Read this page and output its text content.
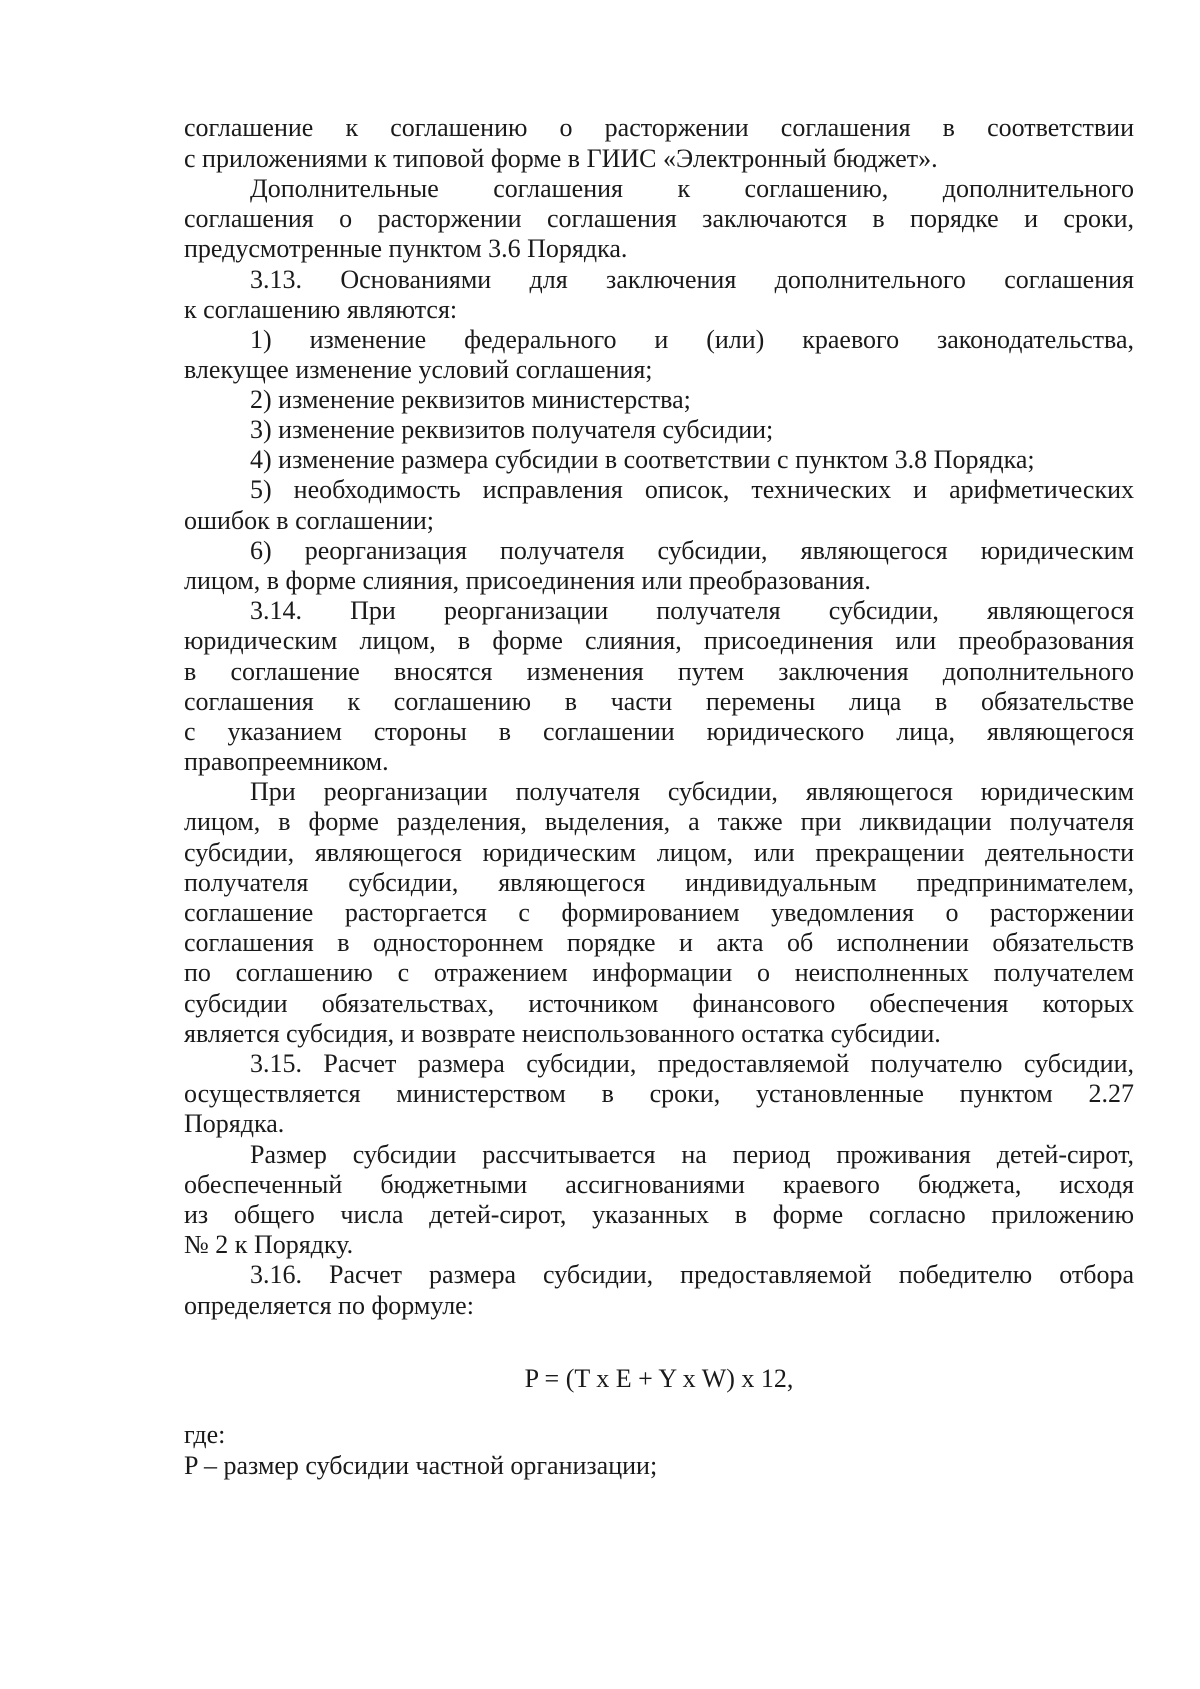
соглашение к соглашению о расторжении соглашения в соответствии
с приложениями к типовой форме в ГИИС «Электронный бюджет».
Дополнительные соглашения к соглашению, дополнительного
соглашения о расторжении соглашения заключаются в порядке и сроки,
предусмотренные пунктом 3.6 Порядка.
3.13. Основаниями для заключения дополнительного соглашения
к соглашению являются:
1) изменение федерального и (или) краевого законодательства,
влекущее изменение условий соглашения;
2) изменение реквизитов министерства;
3) изменение реквизитов получателя субсидии;
4) изменение размера субсидии в соответствии с пунктом 3.8 Порядка;
5) необходимость исправления описок, технических и арифметических
ошибок в соглашении;
6) реорганизация получателя субсидии, являющегося юридическим
лицом, в форме слияния, присоединения или преобразования.
3.14. При реорганизации получателя субсидии, являющегося
юридическим лицом, в форме слияния, присоединения или преобразования
в соглашение вносятся изменения путем заключения дополнительного
соглашения к соглашению в части перемены лица в обязательстве
с указанием стороны в соглашении юридического лица, являющегося
правопреемником.
При реорганизации получателя субсидии, являющегося юридическим
лицом, в форме разделения, выделения, а также при ликвидации получателя
субсидии, являющегося юридическим лицом, или прекращении деятельности
получателя субсидии, являющегося индивидуальным предпринимателем,
соглашение расторгается с формированием уведомления о расторжении
соглашения в одностороннем порядке и акта об исполнении обязательств
по соглашению с отражением информации о неисполненных получателем
субсидии обязательствах, источником финансового обеспечения которых
является субсидия, и возврате неиспользованного остатка субсидии.
3.15. Расчет размера субсидии, предоставляемой получателю субсидии,
осуществляется министерством в сроки, установленные пунктом 2.27
Порядка.
Размер субсидии рассчитывается на период проживания детей-сирот,
обеспеченный бюджетными ассигнованиями краевого бюджета, исходя
из общего числа детей-сирот, указанных в форме согласно приложению
№ 2 к Порядку.
3.16. Расчет размера субсидии, предоставляемой победителю отбора
определяется по формуле:
P = (T x E + Y x W) x 12,
где:
P – размер субсидии частной организации;
